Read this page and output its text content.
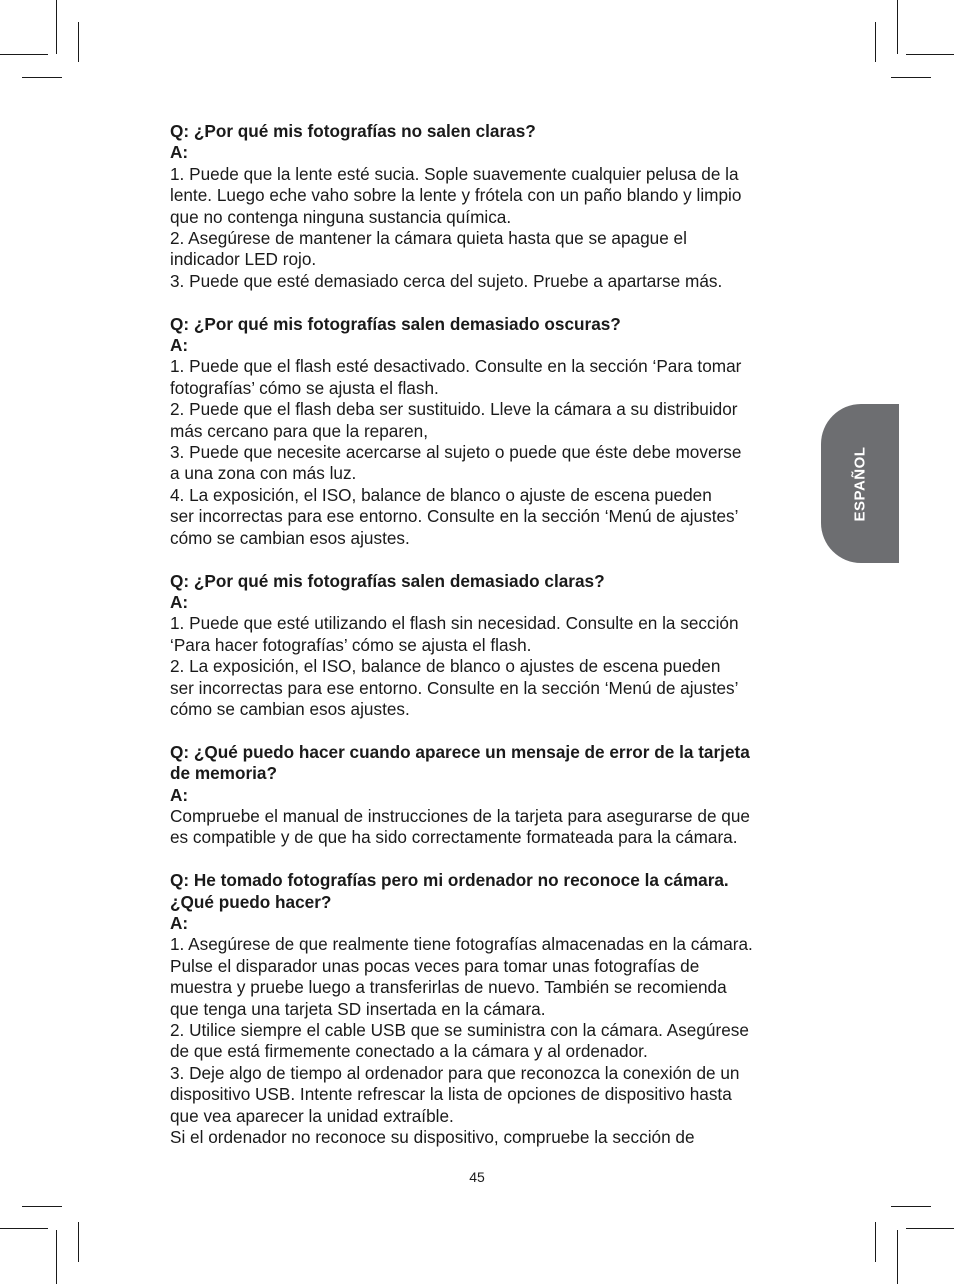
ESPAÑOL
Q: ¿Por qué mis fotografías no salen claras?
A:
1. Puede que la lente esté sucia. Sople suavemente cualquier pelusa de la
lente. Luego eche vaho sobre la lente y frótela con un paño blando y limpio
que no contenga ninguna sustancia química.
2. Asegúrese de mantener la cámara quieta hasta que se apague el
indicador LED rojo.
3. Puede que esté demasiado cerca del sujeto. Pruebe a apartarse más.
Q: ¿Por qué mis fotografías salen demasiado oscuras?
A:
1. Puede que el flash esté desactivado. Consulte en la sección ‘Para tomar
fotografías’ cómo se ajusta el flash.
2. Puede que el flash deba ser sustituido. Lleve la cámara a su distribuidor
más cercano para que la reparen,
3. Puede que necesite acercarse al sujeto o puede que éste debe moverse
a una zona con más luz.
4. La exposición, el ISO, balance de blanco o ajuste de escena pueden
ser incorrectas para ese entorno. Consulte en la sección ‘Menú de ajustes’
cómo se cambian esos ajustes.
Q: ¿Por qué mis fotografías salen demasiado claras?
A:
1. Puede que esté utilizando el flash sin necesidad. Consulte en la sección
‘Para hacer fotografías’ cómo se ajusta el flash.
2. La exposición, el ISO, balance de blanco o ajustes de escena pueden
ser incorrectas para ese entorno. Consulte en la sección ‘Menú de ajustes’
cómo se cambian esos ajustes.
Q: ¿Qué puedo hacer cuando aparece un mensaje de error de la tarjeta
de memoria?
A:
Compruebe el manual de instrucciones de la tarjeta para asegurarse de que
es compatible y de que ha sido correctamente formateada para la cámara.
Q: He tomado fotografías pero mi ordenador no reconoce la cámara.
¿Qué puedo hacer?
A:
1. Asegúrese de que realmente tiene fotografías almacenadas en la cámara.
Pulse el disparador unas pocas veces para tomar unas fotografías de
muestra y pruebe luego a transferirlas de nuevo. También se recomienda
que tenga una tarjeta SD insertada en la cámara.
2. Utilice siempre el cable USB que se suministra con la cámara. Asegúrese
de que está firmemente conectado a la cámara y al ordenador.
3. Deje algo de tiempo al ordenador para que reconozca la conexión de un
dispositivo USB. Intente refrescar la lista de opciones de dispositivo hasta
que vea aparecer la unidad extraíble.
Si el ordenador no reconoce su dispositivo, compruebe la sección de
45
